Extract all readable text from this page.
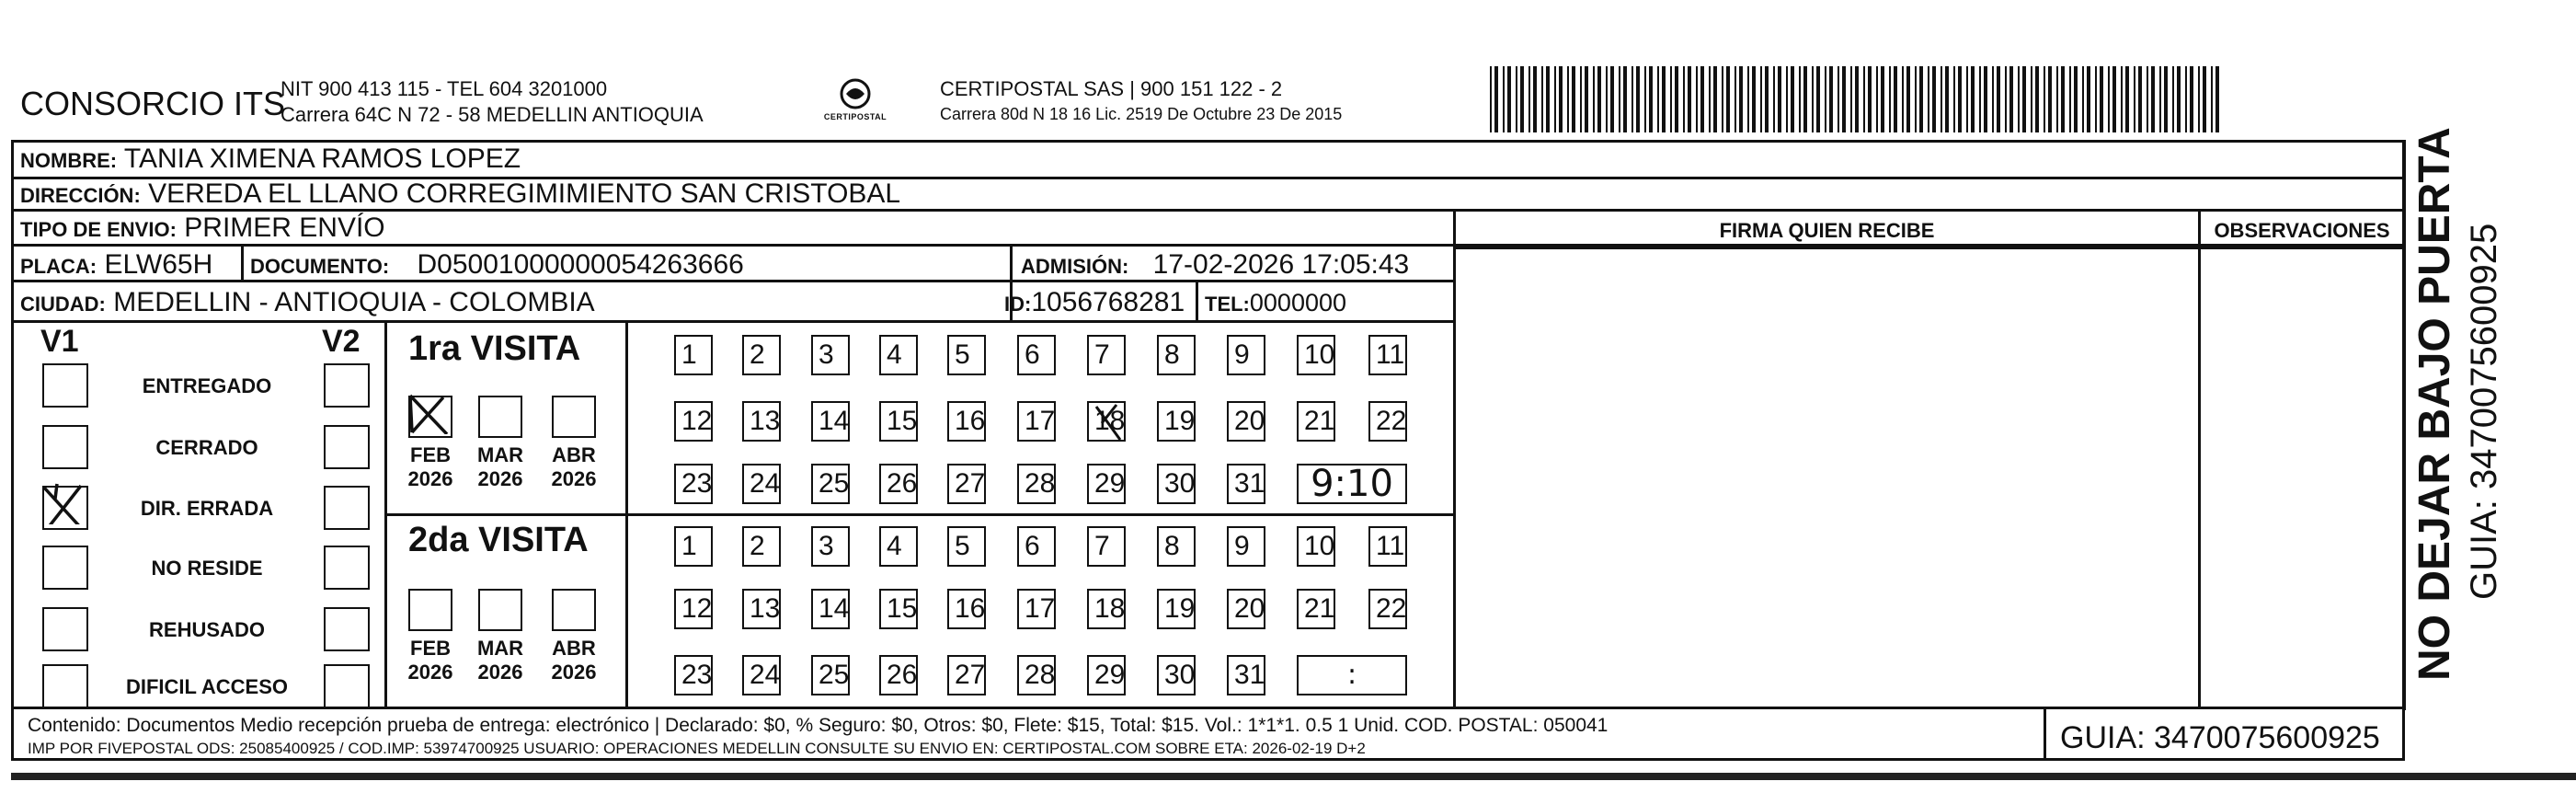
CONSORCIO ITS
NIT 900 413 115 - TEL 604 3201000
Carrera 64C N 72 - 58 MEDELLIN ANTIOQUIA	CERTIPOSTAL
CERTIPOSTAL SAS | 900 151 122 - 2
Carrera 80d N 18 16 Lic. 2519 De Octubre 23 De 2015
NOMBRE: TANIA XIMENA RAMOS LOPEZ
DIRECCIÓN: VEREDA EL LLANO CORREGIMIMIENTO SAN CRISTOBAL
TIPO DE ENVIO: PRIMER ENVÍO
PLACA: ELW65H DOCUMENTO: D05001000000054263666	ADMISIÓN: 17-02-2026 17:05:43
CIUDAD: MEDELLIN - ANTIOQUIA - COLOMBIA	ID:1056768281 TEL:0000000
FIRMA QUIEN RECIBE	OBSERVACIONES
V1	V2
ENTREGADO
CERRADO
DIR. ERRADA
NO RESIDE
REHUSADO
DIFICIL ACCESO
1ra VISITA
2da VISITA
FEB
2026
MAR
2026
ABR
2026
FEB
2026
MAR
2026
ABR
2026
1	2	3	4	5	6	7	8	9	10 11
12 13 14 15 16 17 18 19 20 21 22
23 24 25 26 27 28 29 30 31	9:10
1	2	3	4	5	6	7	8	9	10 11
12 13 14 15 16 17 18 19 20 21 22
23 24 25 26 27 28 29 30 31	:
Contenido: Documentos Medio recepción prueba de entrega: electrónico | Declarado: $0, % Seguro: $0, Otros: $0, Flete: $15, Total: $15. Vol.: 1*1*1. 0.5 1 Unid. COD. POSTAL: 050041
IMP POR FIVEPOSTAL ODS: 25085400925 / COD.IMP: 53974700925 USUARIO: OPERACIONES MEDELLIN CONSULTE SU ENVIO EN: CERTIPOSTAL.COM SOBRE ETA: 2026-02-19 D+2	GUIA: 3470075600925
NO DEJAR BAJO PUERTA GUIA: 3470075600925
